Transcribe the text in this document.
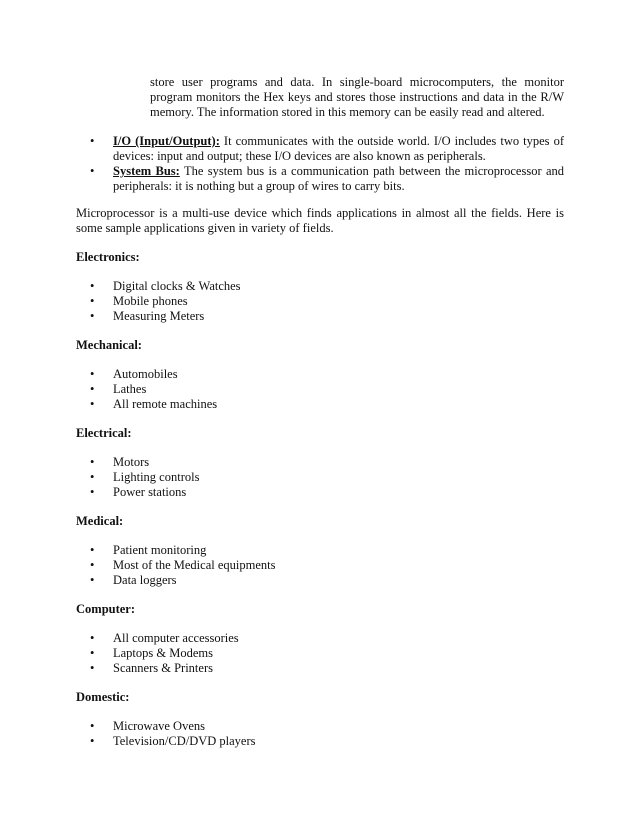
store user programs and data. In single-board microcomputers, the monitor program monitors the Hex keys and stores those instructions and data in the R/W memory. The information stored in this memory can be easily read and altered.

• I/O (Input/Output): It communicates with the outside world. I/O includes two types of devices: input and output; these I/O devices are also known as peripherals.
• System Bus: The system bus is a communication path between the microprocessor and peripherals: it is nothing but a group of wires to carry bits.

Microprocessor is a multi-use device which finds applications in almost all the fields. Here is some sample applications given in variety of fields.

Electronics:
• Digital clocks & Watches
• Mobile phones
• Measuring Meters
Mechanical:
• Automobiles
• Lathes
• All remote machines
Electrical:
• Motors
• Lighting controls
• Power stations
Medical:
• Patient monitoring
• Most of the Medical equipments
• Data loggers
Computer:
• All computer accessories
• Laptops & Modems
• Scanners & Printers
Domestic:
• Microwave Ovens
• Television/CD/DVD players
